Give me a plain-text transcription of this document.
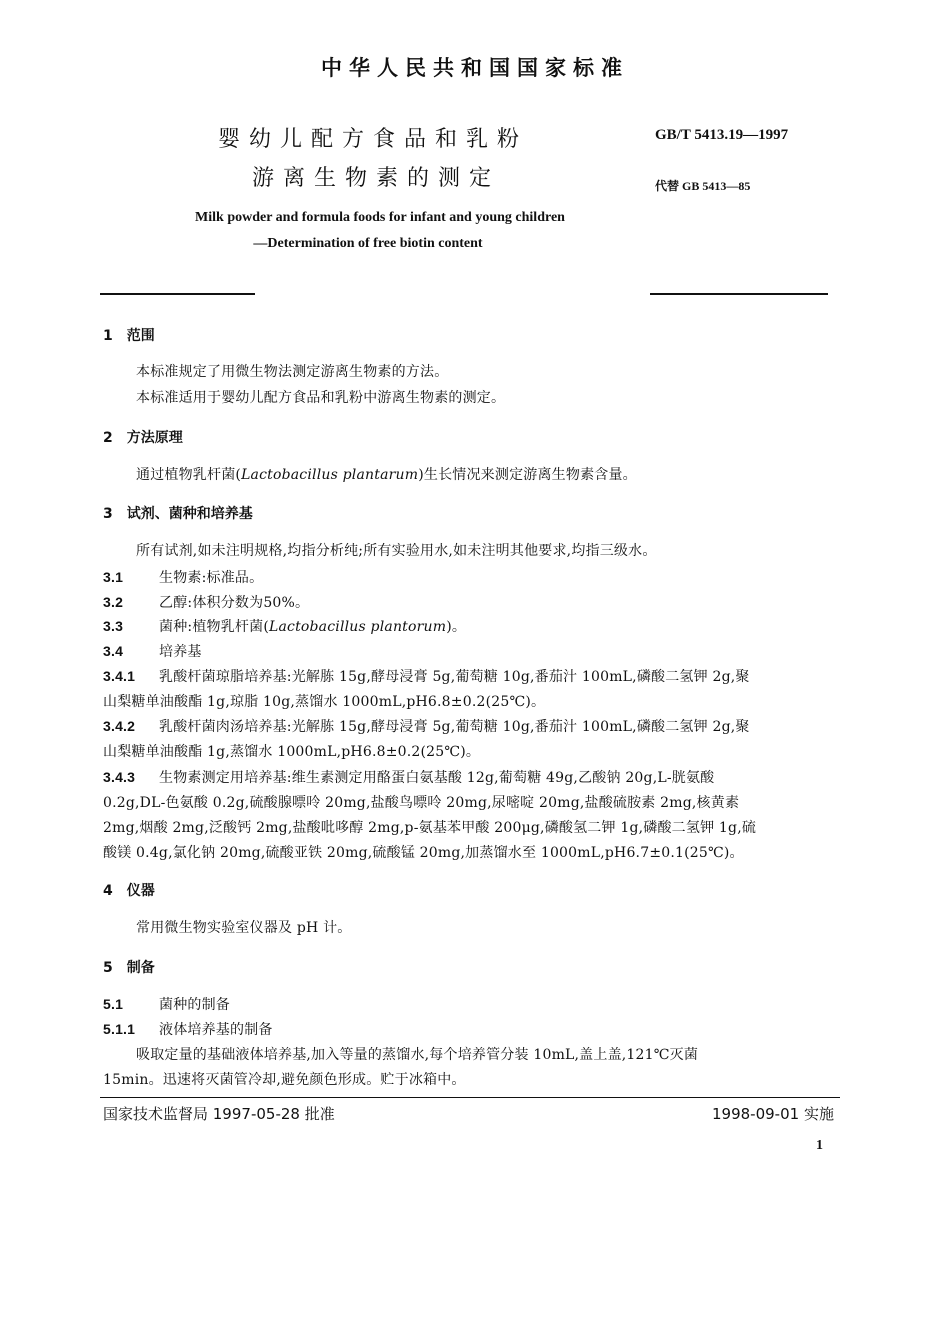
中华人民共和国国家标准
婴幼儿配方食品和乳粉
游离生物素的测定
GB/T 5413.19—1997
代替 GB 5413—85
Milk powder and formula foods for infant and young children
—Determination of free biotin content
1　范围
本标准规定了用微生物法测定游离生物素的方法。
本标准适用于婴幼儿配方食品和乳粉中游离生物素的测定。
2　方法原理
通过植物乳杆菌(Lactobacillus plantarum)生长情况来测定游离生物素含量。
3　试剂、菌种和培养基
所有试剂,如未注明规格,均指分析纯;所有实验用水,如未注明其他要求,均指三级水。
3.1	生物素:标准品。
3.2	乙醇:体积分数为50%。
3.3	菌种:植物乳杆菌(Lactobacillus plantorum)。
3.4	培养基
3.4.1 乳酸杆菌琼脂培养基:光解胨 15g,酵母浸膏 5g,葡萄糖 10g,番茄汁 100mL,磷酸二氢钾 2g,聚
山梨糖单油酸酯 1g,琼脂 10g,蒸馏水 1000mL,pH6.8±0.2(25℃)。
3.4.2 乳酸杆菌肉汤培养基:光解胨 15g,酵母浸膏 5g,葡萄糖 10g,番茄汁 100mL,磷酸二氢钾 2g,聚
山梨糖单油酸酯 1g,蒸馏水 1000mL,pH6.8±0.2(25℃)。
3.4.3 生物素测定用培养基:维生素测定用酪蛋白氨基酸 12g,葡萄糖 49g,乙酸钠 20g,L-胱氨酸
0.2g,DL-色氨酸 0.2g,硫酸腺嘌呤 20mg,盐酸鸟嘌呤 20mg,尿嘧啶 20mg,盐酸硫胺素 2mg,核黄素
2mg,烟酸 2mg,泛酸钙 2mg,盐酸吡哆醇 2mg,p-氨基苯甲酸 200μg,磷酸氢二钾 1g,磷酸二氢钾 1g,硫
酸镁 0.4g,氯化钠 20mg,硫酸亚铁 20mg,硫酸锰 20mg,加蒸馏水至 1000mL,pH6.7±0.1(25℃)。
4　仪器
常用微生物实验室仪器及 pH 计。
5　制备
5.1	菌种的制备
5.1.1 液体培养基的制备
吸取定量的基础液体培养基,加入等量的蒸馏水,每个培养管分装 10mL,盖上盖,121℃灭菌
15min。迅速将灭菌管冷却,避免颜色形成。贮于冰箱中。
国家技术监督局 1997-05-28 批准	1998-09-01 实施
1
